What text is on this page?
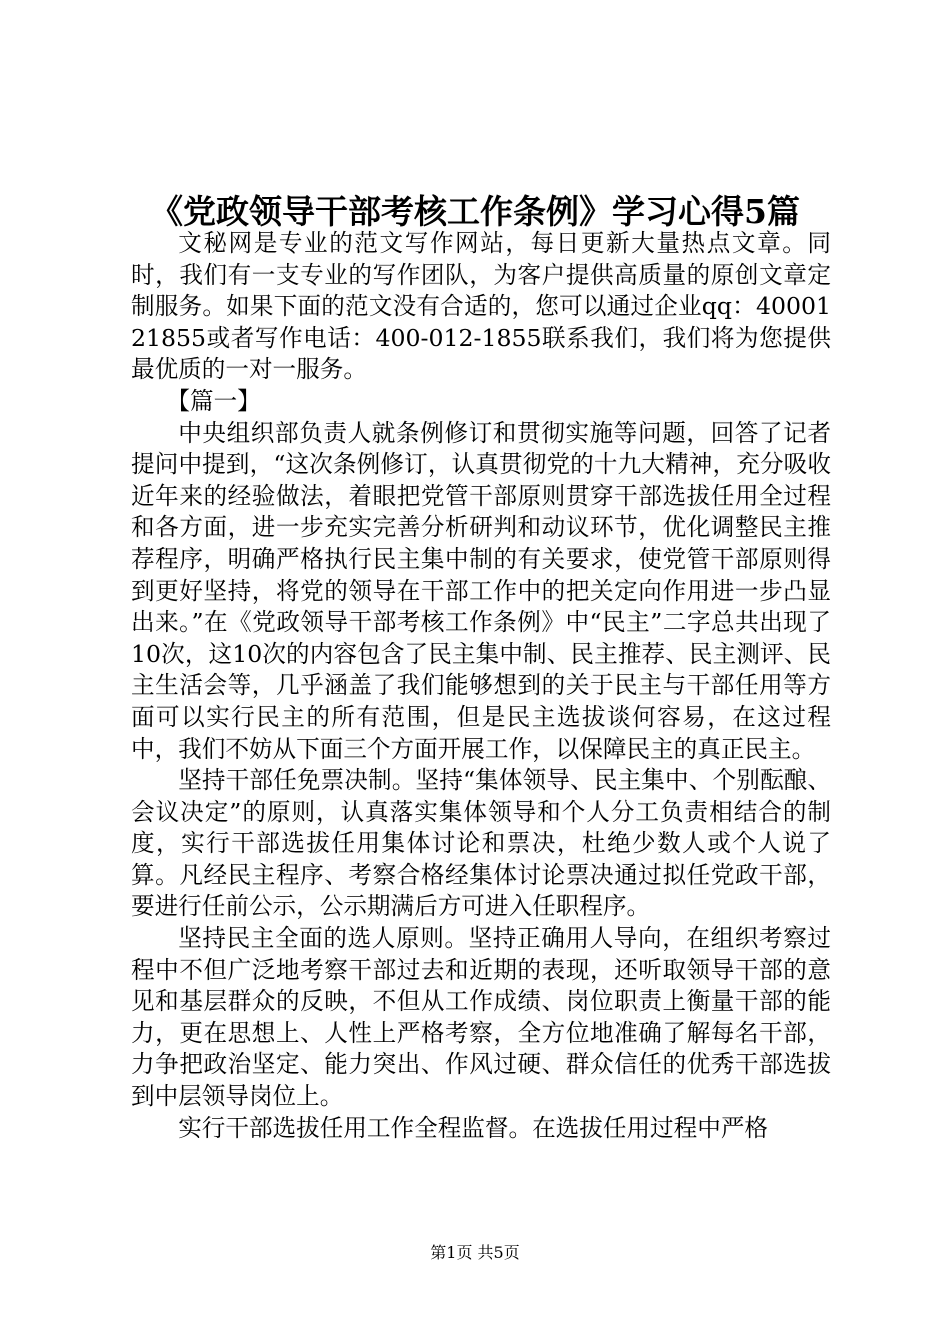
《党政领导干部考核工作条例》学习心得5篇

文秘网是专业的范文写作网站，每日更新大量热点文章。同时，我们有一支专业的写作团队，为客户提供高质量的原创文章定制服务。如果下面的范文没有合适的，您可以通过企业qq：4000121855或者写作电话：400-012-1855联系我们，我们将为您提供最优质的一对一服务。

【篇一】

中央组织部负责人就条例修订和贯彻实施等问题，回答了记者提问中提到，“这次条例修订，认真贯彻党的十九大精神，充分吸收近年来的经验做法，着眼把党管干部原则贯穿干部选拔任用全过程和各方面，进一步充实完善分析研判和动议环节，优化调整民主推荐程序，明确严格执行民主集中制的有关要求，使党管干部原则得到更好坚持，将党的领导在干部工作中的把关定向作用进一步凸显出来。”在《党政领导干部考核工作条例》中“民主”二字总共出现了10次，这10次的内容包含了民主集中制、民主推荐、民主测评、民主生活会等，几乎涵盖了我们能够想到的关于民主与干部任用等方面可以实行民主的所有范围，但是民主选拔谈何容易，在这过程中，我们不妨从下面三个方面开展工作，以保障民主的真正民主。

坚持干部任免票决制。坚持“集体领导、民主集中、个别酝酿、会议决定”的原则，认真落实集体领导和个人分工负责相结合的制度，实行干部选拔任用集体讨论和票决，杜绝少数人或个人说了算。凡经民主程序、考察合格经集体讨论票决通过拟任党政干部，要进行任前公示，公示期满后方可进入任职程序。

坚持民主全面的选人原则。坚持正确用人导向，在组织考察过程中不但广泛地考察干部过去和近期的表现，还听取领导干部的意见和基层群众的反映，不但从工作成绩、岗位职责上衡量干部的能力，更在思想上、人性上严格考察，全方位地准确了解每名干部，力争把政治坚定、能力突出、作风过硬、群众信任的优秀干部选拔到中层领导岗位上。

实行干部选拔任用工作全程监督。在选拔任用过程中严格

第1页 共5页
